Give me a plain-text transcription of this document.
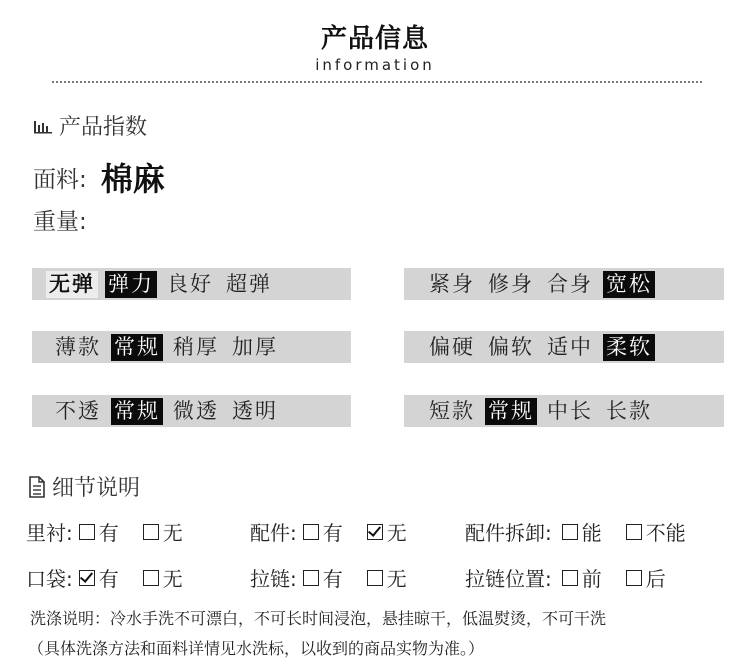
产品信息
information
产品指数
面料: 棉麻
重量:
无弹 弹力 良好 超弹	紧身 修身 合身 宽松
薄款 常规 稍厚 加厚	偏硬 偏软 适中 柔软
不透 常规 微透 透明	短款 常规 中长 长款
细节说明
里衬: 有 无	配件: 有 无	配件拆卸: 能 不能
口袋: 有 无	拉链: 有 无	拉链位置: 前 后
洗涤说明：冷水手洗不可漂白，不可长时间浸泡，悬挂晾干，低温熨烫，不可干洗
（具体洗涤方法和面料详情见水洗标，以收到的商品实物为准。）
